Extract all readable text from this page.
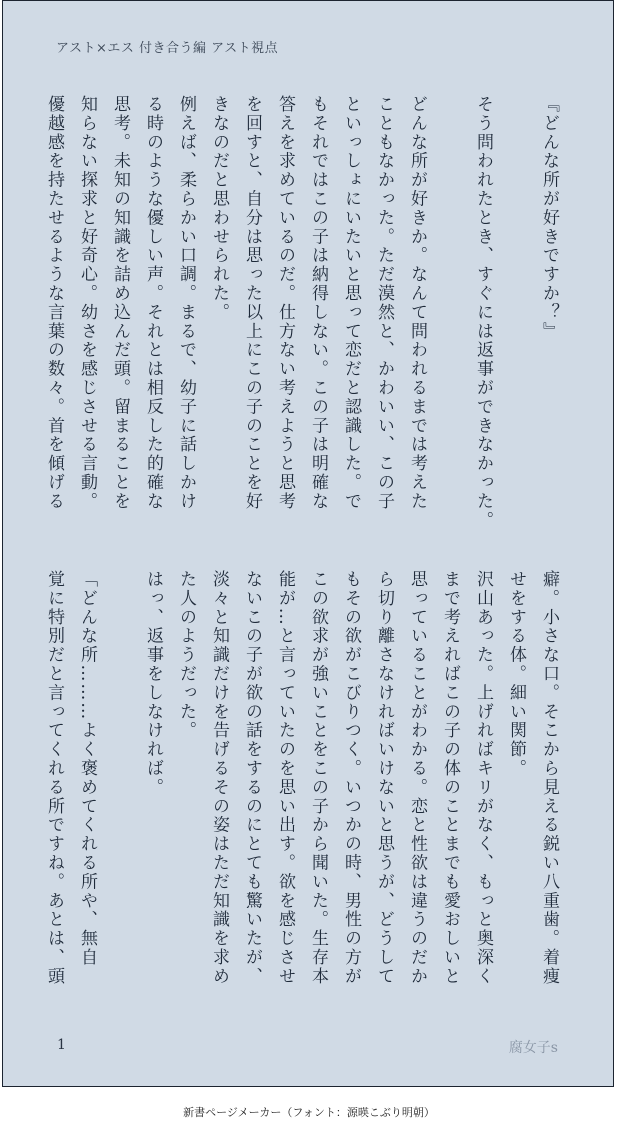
アスト×エス 付き合う編 アスト視点

『どんな所が好きですか？』

そう問われたとき、すぐには返事ができなかった。

どんな所が好きか。なんて問われるまでは考えた

こともなかった。ただ漠然と、かわいい、この子

といっしょにいたいと思って恋だと認識した。で

もそれではこの子は納得しない。この子は明確な

答えを求めているのだ。仕方ない考えようと思考

を回すと、自分は思った以上にこの子のことを好

きなのだと思わせられた。

例えば、柔らかい口調。まるで、幼子に話しかけ

る時のような優しい声。それとは相反した的確な

思考。未知の知識を詰め込んだ頭。留まることを

知らない探求と好奇心。幼さを感じさせる言動。

優越感を持たせるような言葉の数々。首を傾げる

癖。小さな口。そこから見える鋭い八重歯。着痩

せをする体。細い関節。

沢山あった。上げればキリがなく、もっと奥深く

まで考えればこの子の体のことまでも愛おしいと

思っていることがわかる。恋と性欲は違うのだか

ら切り離さなければいけないと思うが、どうして

もその欲がこびりつく。いつかの時、男性の方が

この欲求が強いことをこの子から聞いた。生存本

能が…と言っていたのを思い出す。欲を感じさせ

ないこの子が欲の話をするのにとても驚いたが、

淡々と知識だけを告げるその姿はただ知識を求め

た人のようだった。

はっ、返事をしなければ。

「どんな所………よく褒めてくれる所や、無自

覚に特別だと言ってくれる所ですね。あとは、頭

1	腐女子s
新書ページメーカー（フォント：源暎こぶり明朝）
